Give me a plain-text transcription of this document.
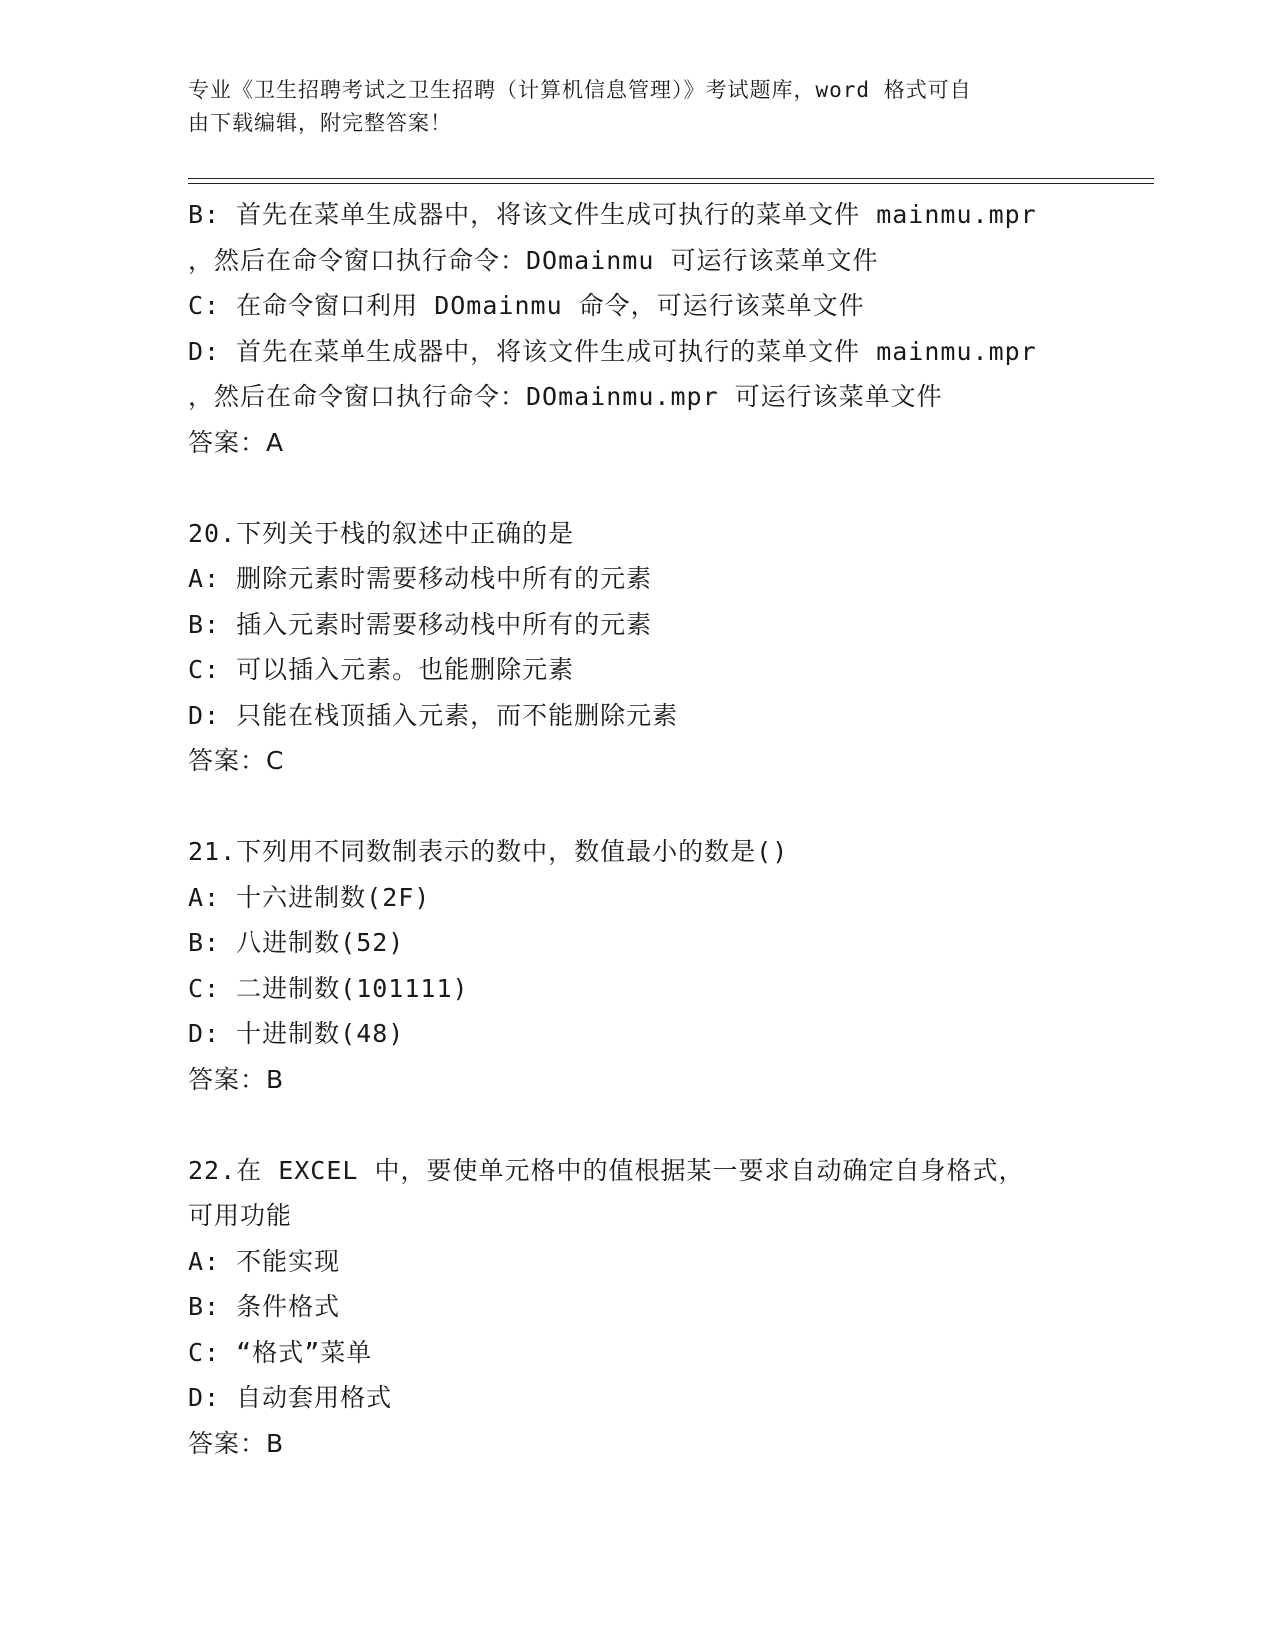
专业《卫生招聘考试之卫生招聘（计算机信息管理）》考试题库，word 格式可自
由下载编辑，附完整答案！
B: 首先在菜单生成器中，将该文件生成可执行的菜单文件 mainmu.mpr
，然后在命令窗口执行命令：DOmainmu 可运行该菜单文件
C: 在命令窗口利用 DOmainmu 命令，可运行该菜单文件
D: 首先在菜单生成器中，将该文件生成可执行的菜单文件 mainmu.mpr
，然后在命令窗口执行命令：DOmainmu.mpr 可运行该菜单文件
答案：A
20.下列关于栈的叙述中正确的是
A: 删除元素时需要移动栈中所有的元素
B: 插入元素时需要移动栈中所有的元素
C: 可以插入元素。也能删除元素
D: 只能在栈顶插入元素，而不能删除元素
答案：C
21.下列用不同数制表示的数中，数值最小的数是()
A: 十六进制数(2F)
B: 八进制数(52)
C: 二进制数(101111)
D: 十进制数(48)
答案：B
22.在 EXCEL 中，要使单元格中的值根据某一要求自动确定自身格式，
可用功能
A: 不能实现
B: 条件格式
C: “格式”菜单
D: 自动套用格式
答案：B
